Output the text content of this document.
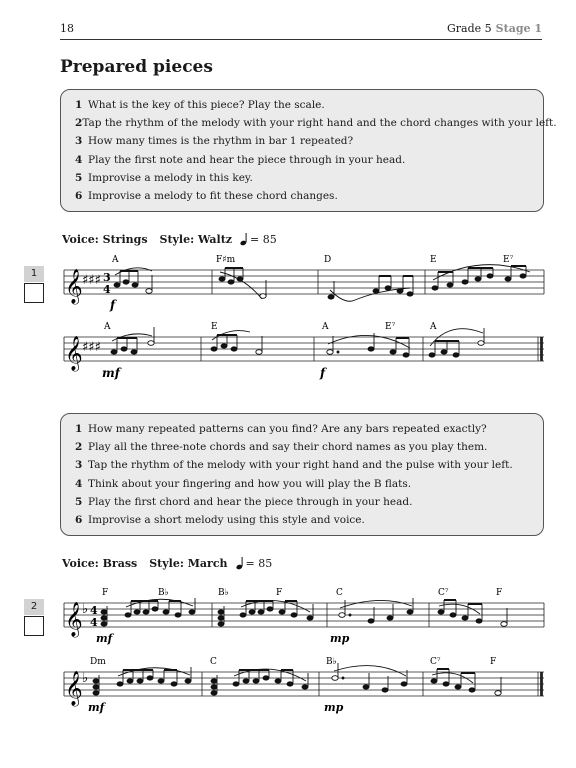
18	Grade 5 Stage 1
Prepared pieces
1 What is the key of this piece? Play the scale.
2 Tap the rhythm of the melody with your right hand and the chord changes with your left.
3 How many times is the rhythm in bar 1 repeated?
4 Play the first note and hear the piece through in your head.
5 Improvise a melody in this key.
6 Improvise a melody to fit these chord changes.
Voice: Strings Style: Waltz = 85
1 𝄞 ♯♯♯ 3
4
A	F♯m	D	E	E⁷
f
𝄞 ♯♯♯
A	E	A	E⁷	A
mf	f
1 How many repeated patterns can you find? Are any bars repeated exactly?
2 Play all the three-note chords and say their chord names as you play them.
3 Tap the rhythm of the melody with your right hand and the pulse with your left.
4 Think about your fingering and how you will play the B flats.
5 Play the first chord and hear the piece through in your head.
6 Improvise a short melody using this style and voice.
Voice: Brass Style: March = 85
2 𝄞 ♭ 4
4
F	B♭	B♭	F	C	C⁷	F
mf	mp
𝄞 ♭
Dm	C	B♭	C⁷	F
mf	mp
